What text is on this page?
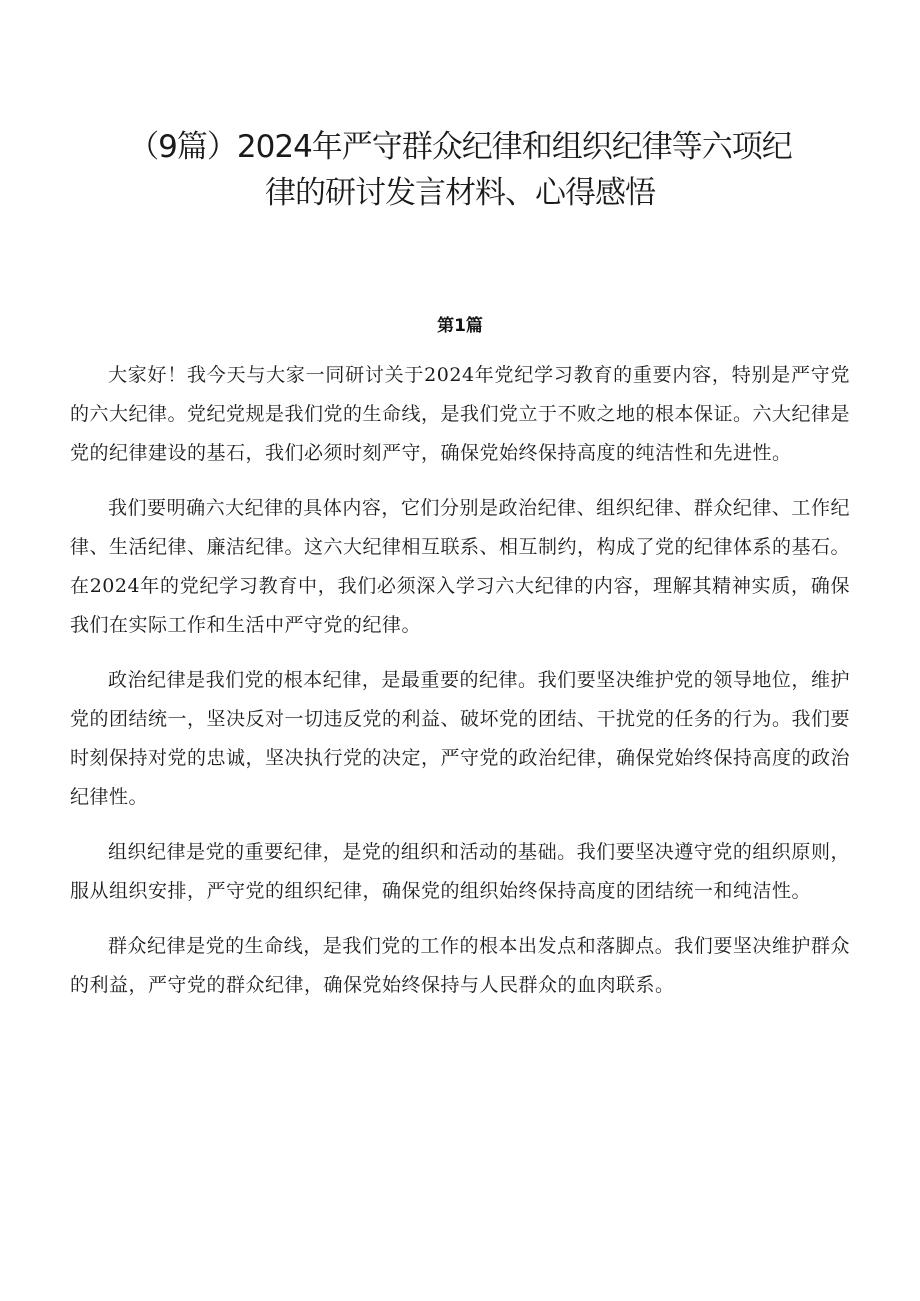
（9篇）2024年严守群众纪律和组织纪律等六项纪
律的研讨发言材料、心得感悟
第1篇

大家好！我今天与大家一同研讨关于2024年党纪学习教育的重要内容，特别是严守党的六大纪律。党纪党规是我们党的生命线，是我们党立于不败之地的根本保证。六大纪律是党的纪律建设的基石，我们必须时刻严守，确保党始终保持高度的纯洁性和先进性。

我们要明确六大纪律的具体内容，它们分别是政治纪律、组织纪律、群众纪律、工作纪律、生活纪律、廉洁纪律。这六大纪律相互联系、相互制约，构成了党的纪律体系的基石。在2024年的党纪学习教育中，我们必须深入学习六大纪律的内容，理解其精神实质，确保我们在实际工作和生活中严守党的纪律。

政治纪律是我们党的根本纪律，是最重要的纪律。我们要坚决维护党的领导地位，维护党的团结统一，坚决反对一切违反党的利益、破坏党的团结、干扰党的任务的行为。我们要时刻保持对党的忠诚，坚决执行党的决定，严守党的政治纪律，确保党始终保持高度的政治纪律性。

组织纪律是党的重要纪律，是党的组织和活动的基础。我们要坚决遵守党的组织原则，服从组织安排，严守党的组织纪律，确保党的组织始终保持高度的团结统一和纯洁性。

群众纪律是党的生命线，是我们党的工作的根本出发点和落脚点。我们要坚决维护群众的利益，严守党的群众纪律，确保党始终保持与人民群众的血肉联系。
